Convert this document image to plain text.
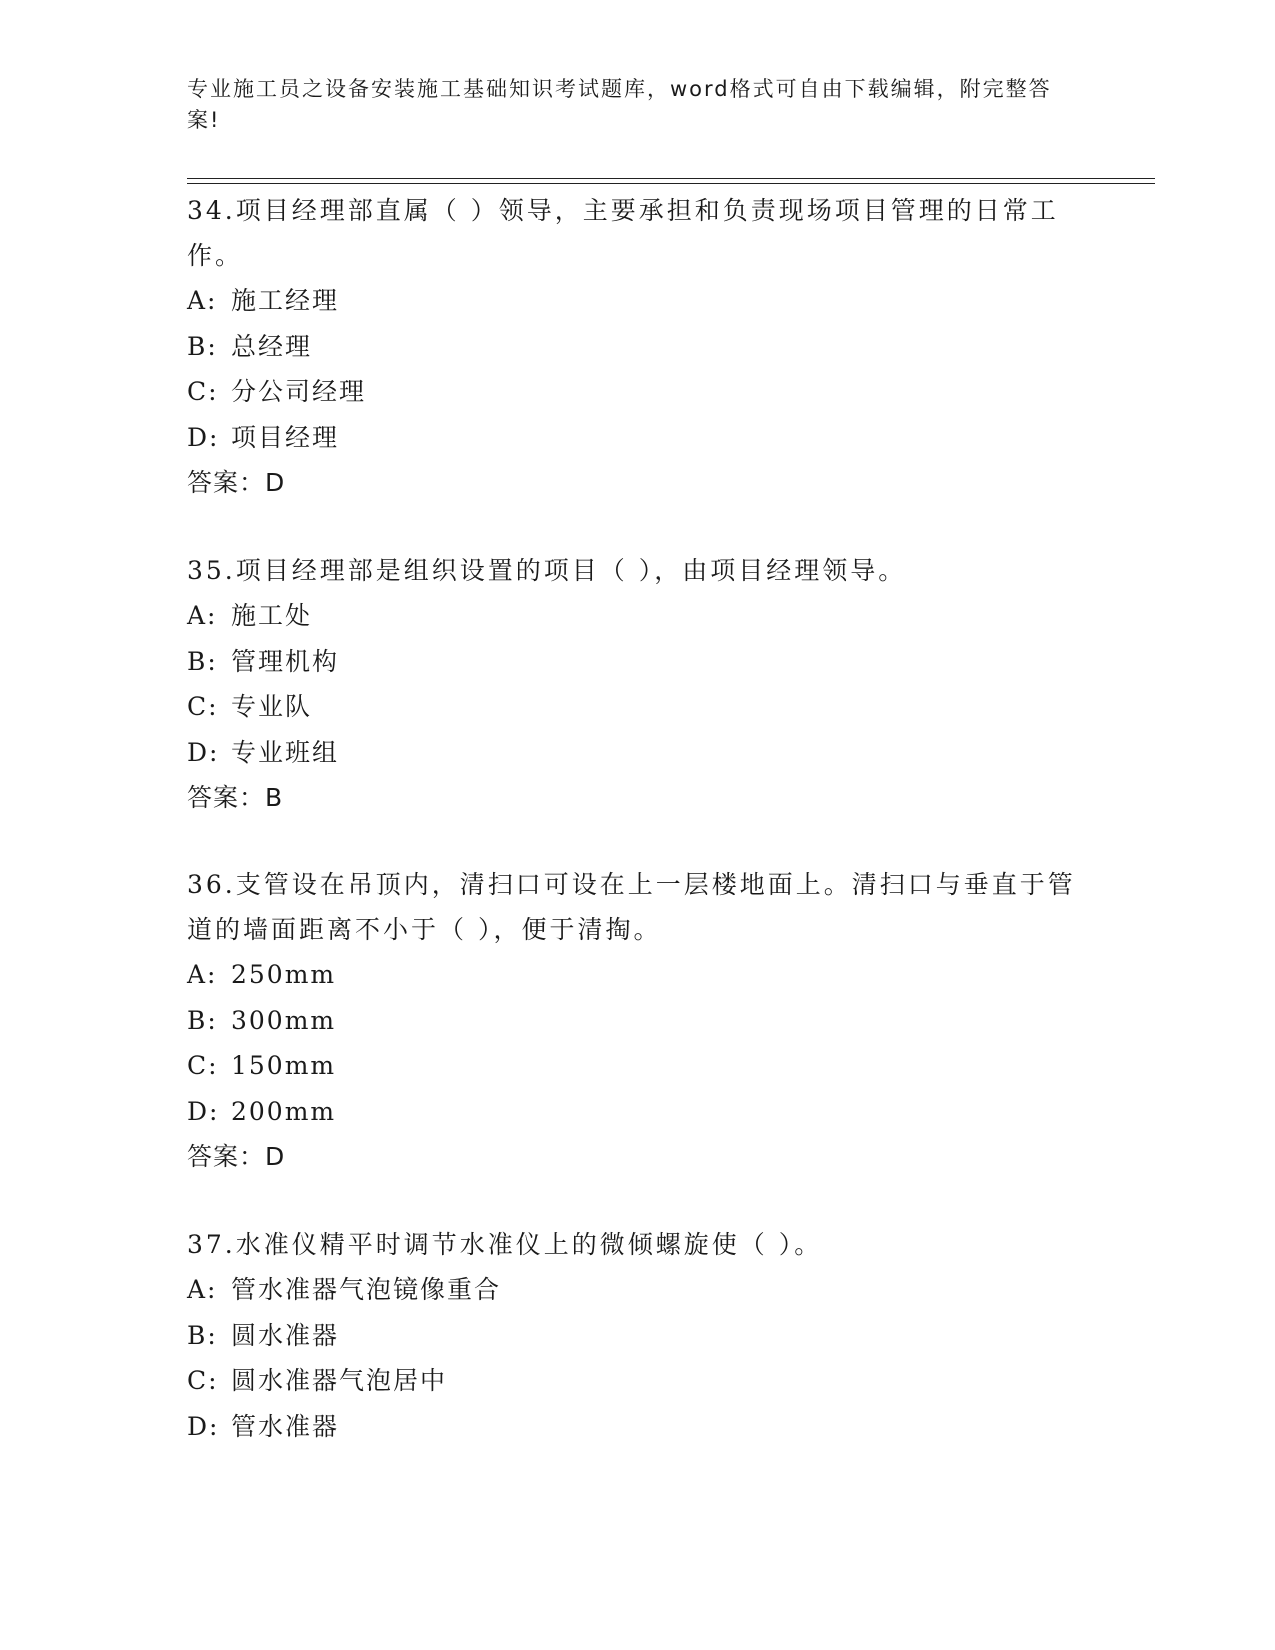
专业施工员之设备安装施工基础知识考试题库，word格式可自由下载编辑，附完整答案!

34.项目经理部直属（ ）领导，主要承担和负责现场项目管理的日常工作。

A: 施工经理
B: 总经理
C: 分公司经理
D: 项目经理
答案：D

35.项目经理部是组织设置的项目（ ），由项目经理领导。

A: 施工处
B: 管理机构
C: 专业队
D: 专业班组
答案：B

36.支管设在吊顶内，清扫口可设在上一层楼地面上。清扫口与垂直于管道的墙面距离不小于（ ），便于清掏。

A: 250mm
B: 300mm
C: 150mm
D: 200mm
答案：D

37.水准仪精平时调节水准仪上的微倾螺旋使（ ）。

A: 管水准器气泡镜像重合
B: 圆水准器
C: 圆水准器气泡居中
D: 管水准器
